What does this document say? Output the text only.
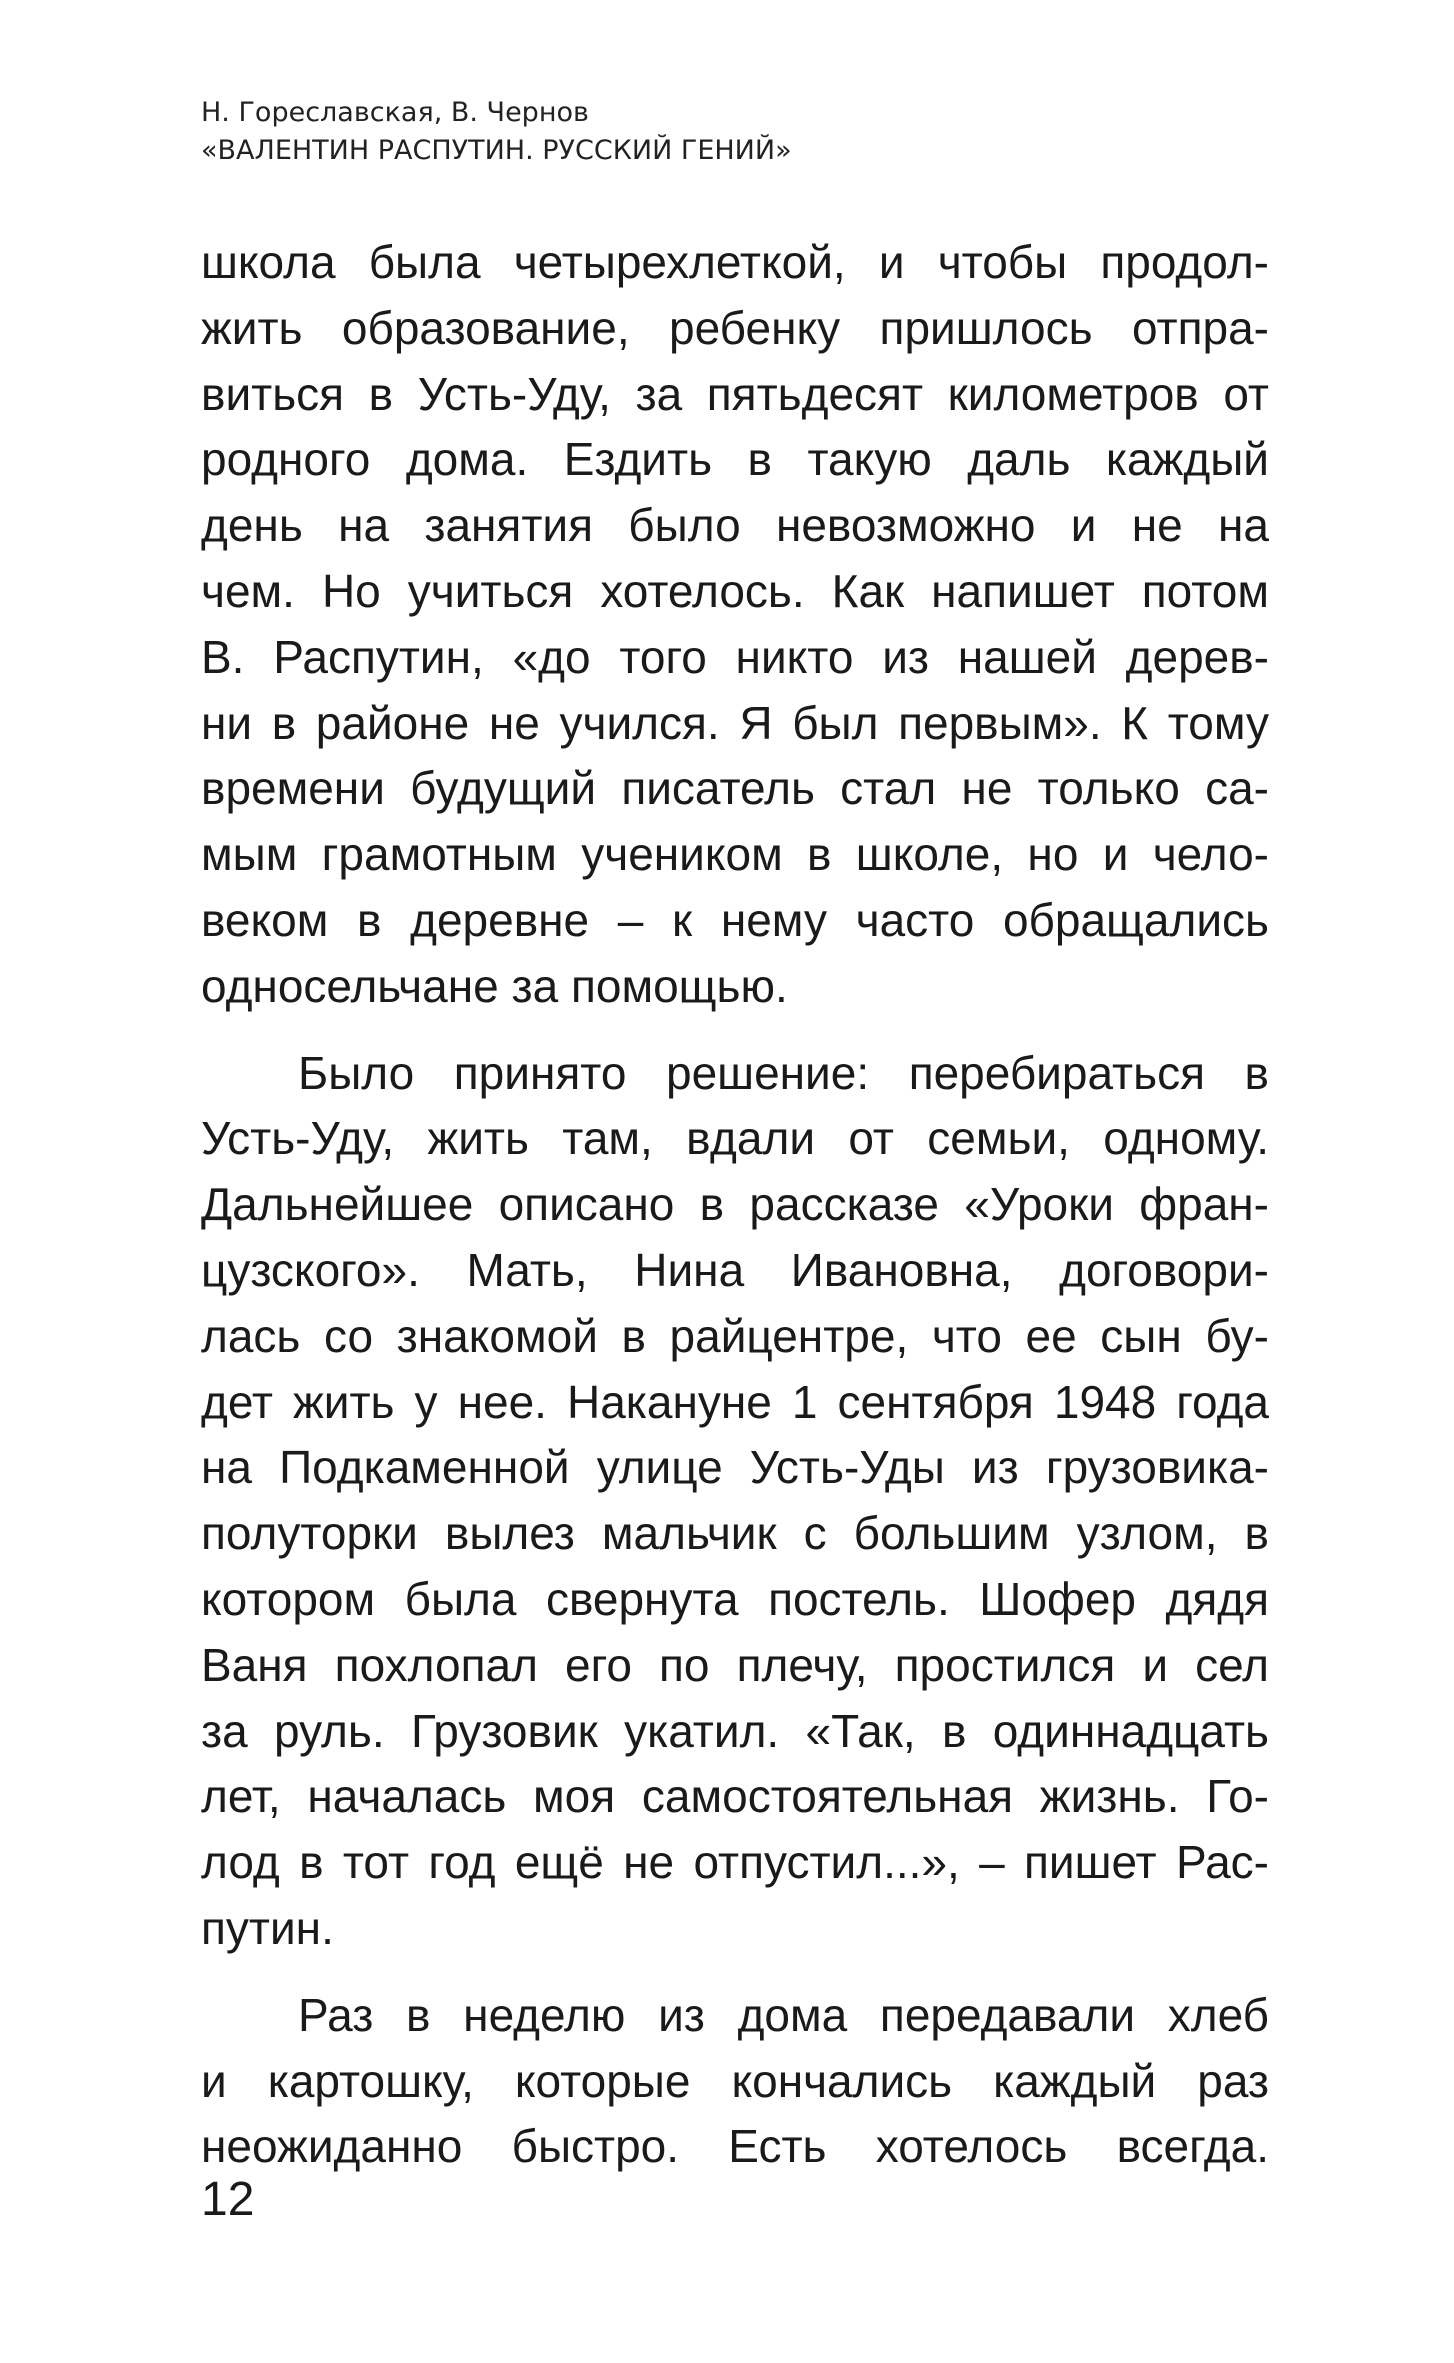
Н. Гореславская, В. Чернов
«ВАЛЕНТИН РАСПУТИН. РУССКИЙ ГЕНИЙ»

школа была четырехлеткой, и чтобы продол-
жить образование, ребенку пришлось отпра-
виться в Усть-Уду, за пятьдесят километров от
родного дома. Ездить в такую даль каждый
день на занятия было невозможно и не на
чем. Но учиться хотелось. Как напишет потом
В. Распутин, «до того никто из нашей дерев-
ни в районе не учился. Я был первым». К тому
времени будущий писатель стал не только са-
мым грамотным учеником в школе, но и чело-
веком в деревне – к нему часто обращались
односельчане за помощью.

Было принято решение: перебираться в
Усть-Уду, жить там, вдали от семьи, одному.
Дальнейшее описано в рассказе «Уроки фран-
цузского». Мать, Нина Ивановна, договори-
лась со знакомой в райцентре, что ее сын бу-
дет жить у нее. Накануне 1 сентября 1948 года
на Подкаменной улице Усть-Уды из грузовика-
полуторки вылез мальчик с большим узлом, в
котором была свернута постель. Шофер дядя
Ваня похлопал его по плечу, простился и сел
за руль. Грузовик укатил. «Так, в одиннадцать
лет, началась моя самостоятельная жизнь. Го-
лод в тот год ещё не отпустил...», – пишет Рас-
путин.

Раз в неделю из дома передавали хлеб
и картошку, которые кончались каждый раз
неожиданно быстро. Есть хотелось всегда.

12
